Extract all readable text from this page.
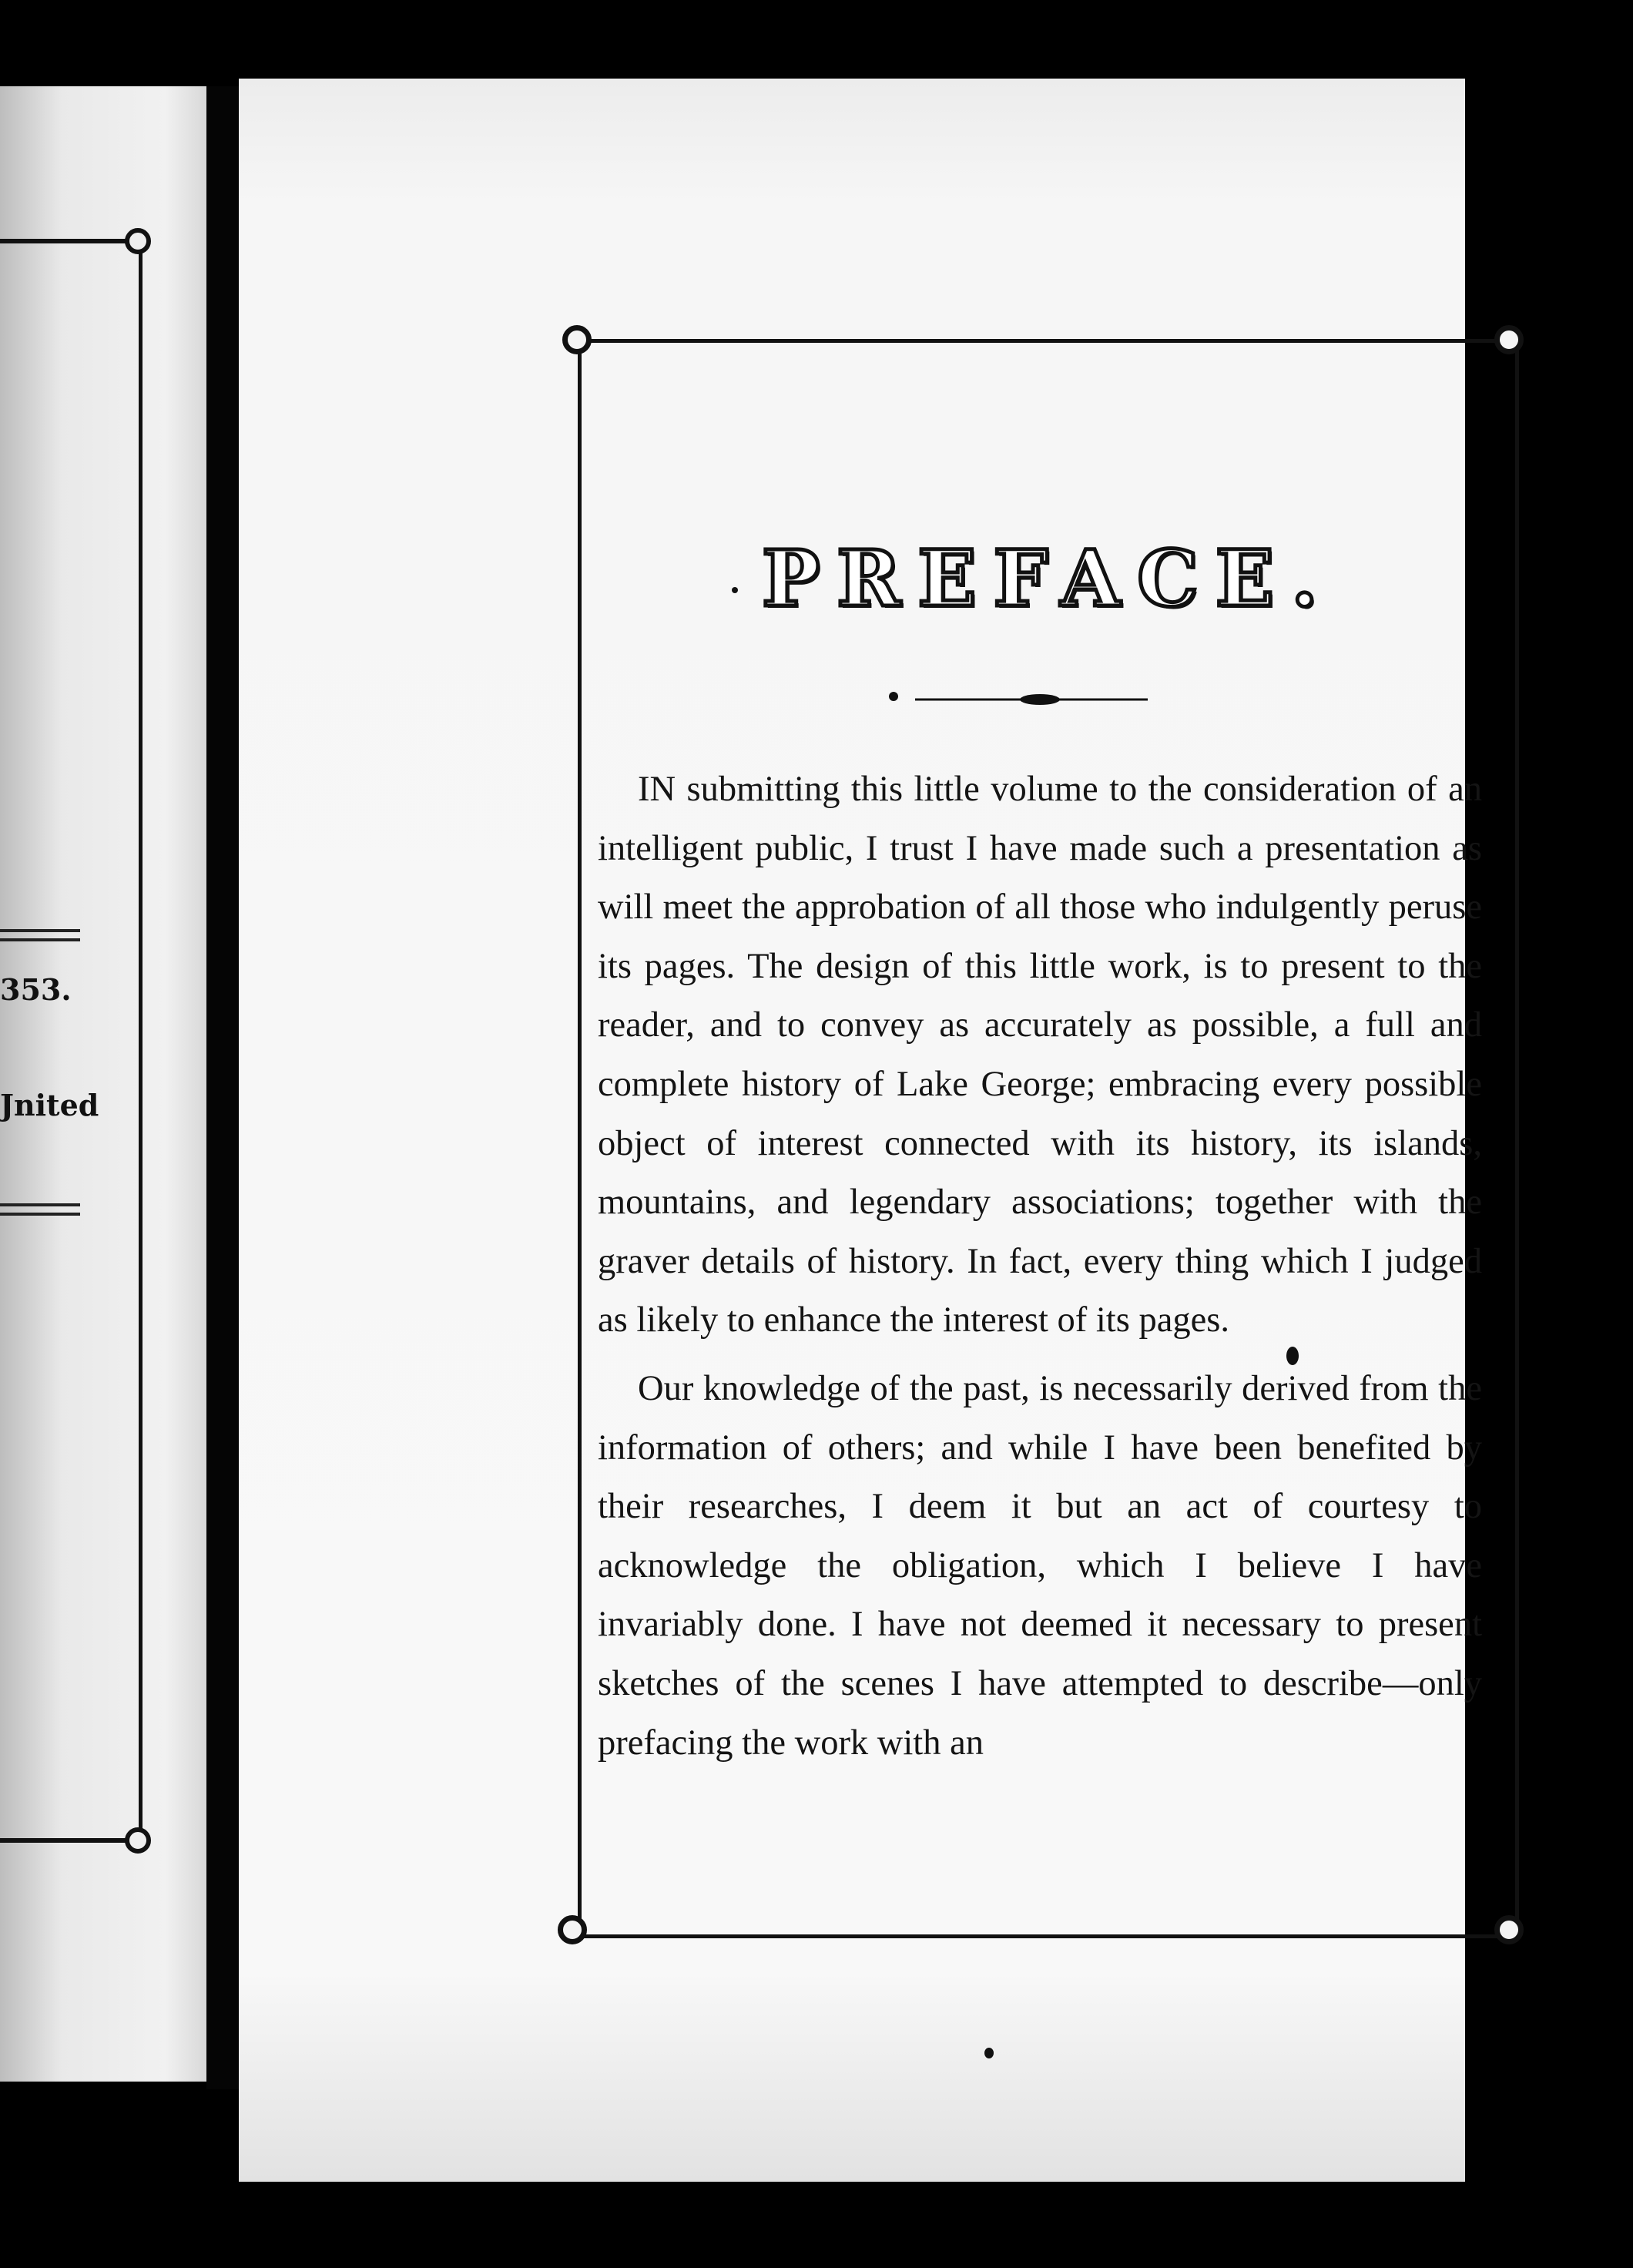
353.
Jnited
PREFACE.

IN submitting this little volume to the consideration of an intelligent public, I trust I have made such a presentation as will meet the approbation of all those who indulgently peruse its pages. The design of this little work, is to present to the reader, and to convey as accurately as possible, a full and complete history of Lake George; embracing every possible object of interest connected with its history, its islands, mountains, and legendary associations; together with the graver details of history. In fact, every thing which I judged as likely to enhance the interest of its pages.

Our knowledge of the past, is necessarily derived from the information of others; and while I have been benefited by their researches, I deem it but an act of courtesy to acknowledge the obligation, which I believe I have invariably done. I have not deemed it necessary to present sketches of the scenes I have attempted to describe—only prefacing the work with an
